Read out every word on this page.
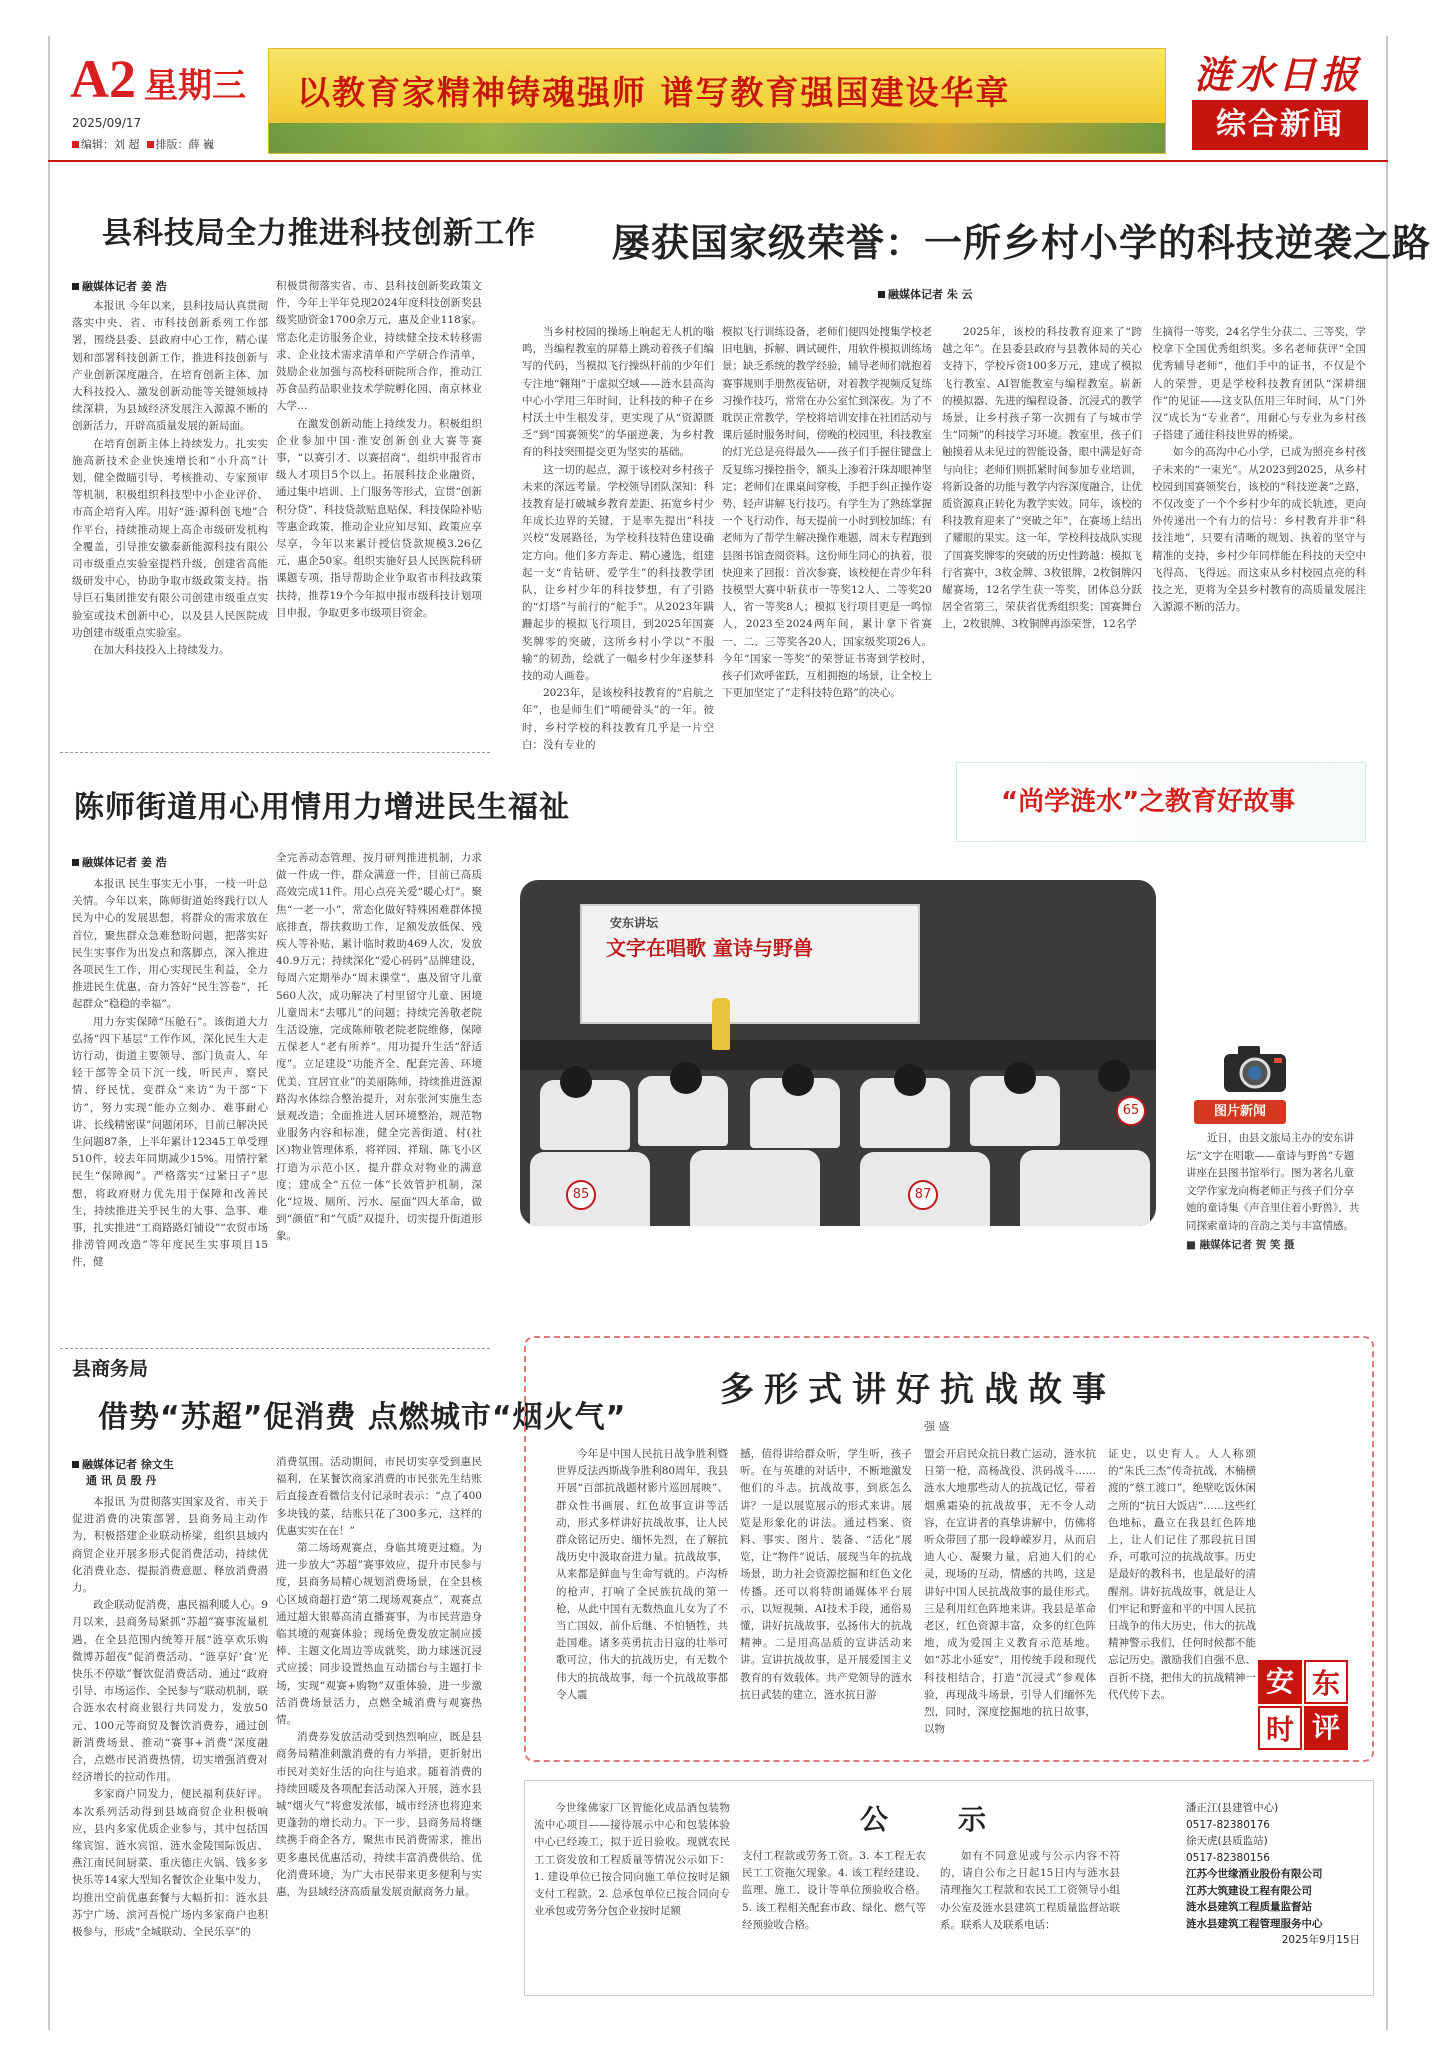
A2 星期三
2025/09/17
编辑：刘 超 排版：薛 巍
以教育家精神铸魂强师 谱写教育强国建设华章	涟水日报
综合新闻
县科技局全力推进科技创新工作
融媒体记者 姜 浩

本报讯 今年以来，县科技局认真贯彻落实中央、省、市科技创新系列工作部署，围绕县委、县政府中心工作，精心谋划和部署科技创新工作，推进科技创新与产业创新深度融合，在培育创新主体、加大科技投入、激发创新动能等关键领域持续深耕，为县域经济发展注入源源不断的创新活力，开辟高质量发展的新局面。

在培育创新主体上持续发力。扎实实施高新技术企业快速增长和“小升高”计划，健全微瞄引导、考核推动、专家预审等机制，积极组织科技型中小企业评价、市高企培育入库。用好“涟·源科创飞地”合作平台，持续推动规上高企市级研发机构全覆盖，引导推安徽泰新能源科技有限公司市级重点实验室提档升级，创建省高能级研发中心，协助争取市级政策支持。指导巨石集团推安有限公司创建市级重点实验室或技术创新中心，以及县人民医院成功创建市级重点实验室。

在加大科技投入上持续发力。

积极贯彻落实省、市、县科技创新奖政策文件，今年上半年兑现2024年度科技创新奖县级奖励资金1700余万元，惠及企业118家。常态化走访服务企业，持续健全技术转移需求、企业技术需求清单和产学研合作清单，鼓励企业加强与高校科研院所合作，推动江苏食品药品职业技术学院孵化园、南京林业大学…

在激发创新动能上持续发力。积极组织企业参加中国·淮安创新创业大赛等赛事，“以赛引才、以赛招商”，组织申报省市级人才项目5个以上。拓展科技企业融资，通过集中培训、上门服务等形式，宣贯“创新积分贷”、科技贷款贴息贴保、科技保险补贴等惠企政策，推动企业应知尽知、政策应享尽享，今年以来累计授信贷款规模3.26亿元，惠企50家。组织实施好县人民医院科研课题专项，指导帮助企业争取省市科技政策扶持，推荐19个今年拟申报市级科技计划项目申报，争取更多市级项目资金。

屡获国家级荣誉：一所乡村小学的科技逆袭之路
融媒体记者 朱 云

当乡村校园的操场上响起无人机的嗡鸣，当编程教室的屏幕上跳动着孩子们编写的代码，当模拟飞行操纵杆前的少年们专注地“翱翔”于虚拟空域——涟水县高沟中心小学用三年时间，让科技的种子在乡村沃土中生根发芽，更实现了从“资源匮乏”到“国赛领奖”的华丽逆袭，为乡村教育的科技突围提交更为坚实的基础。

这一切的起点，源于该校对乡村孩子未来的深远考量。学校领导团队深知：科技教育是打破城乡教育差距、拓宽乡村少年成长边界的关键，于是率先提出“科技兴校”发展路径，为学校科技特色建设确定方向。他们多方奔走、精心遴选，组建起一支“肯钻研、爱学生”的科技教学团队，让乡村少年的科技梦想，有了引路的“灯塔”与前行的“舵手”。从2023年蹒跚起步的模拟飞行项目，到2025年国赛奖牌零的突破，这所乡村小学以“不服输”的韧劲，绘就了一幅乡村少年逐梦科技的动人画卷。

2023年，是该校科技教育的“启航之年”，也是师生们“啃硬骨头”的一年。彼时，乡村学校的科技教育几乎是一片空白：没有专业的

模拟飞行训练设备，老师们便四处搜集学校老旧电脑，拆解、调试硬件，用软件模拟训练场景；缺乏系统的教学经验，辅导老师们就抱着赛事规则手册熬夜钻研，对着教学视频反复练习操作技巧，常常在办公室忙到深夜。为了不耽误正常教学，学校将培训安排在社团活动与课后延时服务时间，傍晚的校园里，科技教室的灯光总是亮得最久——孩子们手握住键盘上反复练习操控指令，额头上渗着汗珠却眼神坚定；老师们在课桌间穿梭，手把手纠正操作姿势，轻声讲解飞行技巧。有学生为了熟练掌握一个飞行动作，每天提前一小时到校加练；有老师为了帮学生解决操作难题，周末专程跑到县图书馆查阅资料。这份师生同心的执着，很快迎来了回报：首次参赛，该校便在青少年科技模型大赛中斩获市一等奖12人、二等奖20人，省一等奖8人；模拟飞行项目更是一鸣惊人，2023至2024两年间，累计拿下省赛一、二、三等奖各20人，国家级奖项26人。今年“国家一等奖”的荣誉证书寄到学校时，孩子们欢呼雀跃，互相拥抱的场景，让全校上下更加坚定了“走科技特色路”的决心。

2025年，该校的科技教育迎来了“跨越之年”。在县委县政府与县教体局的关心支持下，学校斥资100多万元，建成了模拟飞行教室、AI智能教室与编程教室。崭新的模拟器、先进的编程设备、沉浸式的教学场景，让乡村孩子第一次拥有了与城市学生“同频”的科技学习环境。教室里，孩子们触摸着从未见过的智能设备，眼中满是好奇与向往；老师们则抓紧时间参加专业培训，将新设备的功能与教学内容深度融合，让优质资源真正转化为教学实效。同年，该校的科技教育迎来了“突破之年”，在赛场上结出了耀眼的果实。这一年，学校科技战队实现了国赛奖牌零的突破的历史性跨越：模拟飞行省赛中，3枚金牌、3枚银牌，2枚铜牌闪耀赛场，12名学生获一等奖，团体总分跃居全省第三，荣获省优秀组织奖；国赛舞台上，2枚银牌、3枚铜牌再添荣誉，12名学

生摘得一等奖，24名学生分获二、三等奖，学校拿下全国优秀组织奖。多名老师获评“全国优秀辅导老师”，他们手中的证书，不仅是个人的荣誉，更是学校科技教育团队“深耕细作”的见证——这支队伍用三年时间，从“门外汉”成长为“专业者”，用耐心与专业为乡村孩子搭建了通往科技世界的桥梁。

如今的高沟中心小学，已成为照亮乡村孩子未来的“一束光”。从2023到2025，从乡村校园到国赛领奖台，该校的“科技逆袭”之路，不仅改变了一个个乡村少年的成长轨迹，更向外传递出一个有力的信号：乡村教育并非“科技洼地”，只要有清晰的规划、执着的坚守与精准的支持，乡村少年同样能在科技的天空中飞得高、飞得远。而这束从乡村校园点亮的科技之光，更将为全县乡村教育的高质量发展注入源源不断的活力。

“尚学涟水”之教育好故事
陈师街道用心用情用力增进民生福祉
融媒体记者 姜 浩

本报讯 民生事实无小事，一枝一叶总关情。今年以来，陈师街道始终践行以人民为中心的发展思想，将群众的需求放在首位，聚焦群众急难愁盼问题，把落实好民生实事作为出发点和落脚点，深入推进各项民生工作，用心实现民生利益，全力推进民生优惠，奋力答好“民生答卷”，托起群众“稳稳的幸福”。

用力夯实保障“压舱石”。该街道大力弘扬“四下基层”工作作风，深化民生大走访行动，街道主要领导、部门负责人、年轻干部等全员下沉一线，听民声、察民情、纾民忧，变群众“来访”为干部“下访”，努力实现“能办立刻办、难事耐心讲、长线精密谋”问题闭环，目前已解决民生问题87条，上半年累计12345工单受理510件，较去年同期减少15%。用情拧紧民生“保障阀”。严格落实“过紧日子”思想，将政府财力优先用于保障和改善民生，持续推进关乎民生的大事、急事、难事，扎实推进“工商路路灯铺设”“农贸市场排涝管网改造”等年度民生实事项目15件，健

全完善动态管理、按月研判推进机制，力求做一件成一件，群众满意一件，目前已高质高效完成11件。用心点亮关爱“暖心灯”。聚焦“一老一小”，常态化做好特殊困难群体摸底排查，帮扶救助工作，足额发放低保、残疾人等补贴，累计临时救助469人次，发放40.9万元；持续深化“爱心码码”品牌建设，每周六定期举办“周末课堂”，惠及留守儿童560人次，成功解决了村里留守儿童、困境儿童周末“去哪儿”的问题；持续完善敬老院生活设施，完成陈师敬老院老院维修，保障五保老人“老有所养”。用功提升生活“舒适度”。立足建设“功能齐全、配套完善、环境优美、宜居宜业”的美丽陈师，持续推进涟源路沟水体综合整治提升，对东张河实施生态景观改造；全面推进人居环境整治，规范物业服务内容和标准，健全完善街道、村(社区)物业管理体系，将祥园、祥瑞、陈飞小区打造为示范小区，提升群众对物业的满意度；建成全“五位一体”长效管护机制，深化“垃圾、厕所、污水、屋面”四大革命，做到“颜值”和“气质”双提升，切实提升街道形象。

安东讲坛
文字在唱歌 童诗与野兽
85	87
65	图片新闻
近日，由县文旅局主办的安东讲坛“文字在唱歌——童诗与野兽”专题讲座在县图书馆举行。图为著名儿童文学作家龙向梅老师正与孩子们分享她的童诗集《声音里住着小野兽》，共同探索童诗的音韵之美与丰富情感。
■ 融媒体记者 贺 笑 摄
县商务局
借势“苏超”促消费 点燃城市“烟火气”
融媒体记者 徐文生
通 讯 员 殷 丹

本报讯 为贯彻落实国家及省、市关于促进消费的决策部署，县商务局主动作为，积极搭建企业联动桥梁，组织县域内商贸企业开展多形式促消费活动，持续优化消费业态、提振消费意愿、释放消费潜力。

政企联动促消费，惠民福利暖人心。9月以来，县商务局紧抓“苏超”赛事流量机遇，在全县范围内统筹开展“涟享欢乐购 微博苏超夜”促消费活动、“涟享好‘食’光 快乐不停歇”餐饮促消费活动、通过“政府引导、市场运作、全民参与”联动机制，联合涟水农村商业银行共同发力，发放50元、100元等商贸及餐饮消费券，通过创新消费场景、推动“赛事+消费”深度融合，点燃市民消费热情，切实增强消费对经济增长的拉动作用。

多家商户同发力，便民福利获好评。本次系列活动得到县域商贸企业积极响应，县内多家优质企业参与，其中包括国缘宾馆、涟水宾馆、涟水金陵国际饭店、燕江南民间厨菜、重庆德庄火锅、钱多多快乐等14家大型知名餐饮企业集中发力，均推出空前优惠套餐与大幅折扣：涟水县苏宁广场、滨河吾悦广场内多家商户也积极参与，形成“全城联动、全民乐享”的

消费氛围。活动期间，市民切实享受到惠民福利，在某餐饮商家消费的市民张先生结账后直接查看微信支付记录时表示：“点了400多块钱的菜，结账只花了300多元，这样的优惠实实在在！”

第二场场观赛点，身临其境更过瘾。为进一步放大“苏超”赛事效应，提升市民参与度，县商务局精心规划消费场景，在全县核心区域商超打造“第二现场观赛点”，观赛点通过超大银幕高清直播赛事，为市民营造身临其境的观赛体验；现场免费发放定制应援棒、主题文化周边等成就奖，助力球迷沉浸式应援；同步设置热血互动擂台与主题打卡场，实现“观赛+购物”双重体验，进一步激活消费场景活力，点燃全城消费与观赛热情。

消费券发放活动受到热烈响应，既是县商务局精准刺激消费的有力举措，更折射出市民对美好生活的向往与追求。随着消费的持续回暖及各项配套活动深入开展，涟水县城“烟火气”将愈发浓郁，城市经济也将迎来更蓬勃的增长动力。下一步，县商务局将继续携手商企各方，聚焦市民消费需求，推出更多惠民优惠活动，持续丰富消费供给、优化消费环境，为广大市民带来更多便利与实惠，为县域经济高质量发展贡献商务力量。

多形式讲好抗战故事
强 盛

今年是中国人民抗日战争胜利暨世界反法西斯战争胜利80周年，我县开展“百部抗战题材影片巡回展映”、群众性书画展、红色故事宣讲等活动，形式多样讲好抗战故事，让人民群众铭记历史、缅怀先烈，在了解抗战历史中汲取奋进力量。抗战故事，从来都是鲜血与生命写就的。卢沟桥的枪声，打响了全民族抗战的第一枪，从此中国有无数热血儿女为了不当亡国奴，前仆后继、不怕牺牲，共赴国难。诸多英勇抗击日寇的壮举可歌可泣，伟大的抗战历史，有无数个伟大的抗战故事，每一个抗战故事都令人震

撼，值得讲给群众听，学生听，孩子听。在与英雄的对话中，不断地激发他们的斗志。抗战故事，到底怎么讲？一是以展览展示的形式来讲。展览是形象化的讲法。通过档案、资料、事实、图片、装备、“活化”展览，让“物件”说话，展现当年的抗战场景，助力社会资源挖掘和红色文化传播。还可以将特朗诵媒体平台展示，以短视频、AI技术手段，通俗易懂，讲好抗战故事，弘扬伟大的抗战精神。二是用高品质的宣讲活动来讲。宣讲抗战故事，是开展爱国主义教育的有效载体。共产党领导的涟水抗日武装的建立，涟水抗日游

盟会开启民众抗日救亡运动，涟水抗日第一枪，高杨战役、洪码战斗……涟水大地那些动人的抗战记忆，带着烟熏霜染的抗战故事，无不令人动容，在宣讲者的真挚讲解中，仿佛将听众带回了那一段峥嵘岁月，从而启迪人心、凝聚力量，启迪人们的心灵，现场的互动，情感的共鸣，这是讲好中国人民抗战故事的最佳形式。三是利用红色阵地来讲。我县是革命老区，红色资源丰富，众多的红色阵地，成为爱国主义教育示范基地。如“苏北小延安”，用传统手段和现代科技相结合，打造“沉浸式”参观体验，再现战斗场景，引导人们缅怀先烈，同时，深度挖掘地的抗日故事，以物

证史，以史育人。人人称颂的“朱氏三杰”传奇抗战，木楠横渡的“蔡工渡口”，绝壁吃饭休闲之所的“抗日大饭店”……这些红色地标，矗立在我县红色阵地上，让人们记住了那段抗日国乔，可歌可泣的抗战故事。历史是最好的教科书，也是最好的清醒剂。讲好抗战故事，就是让人们牢记和野蛮和平的中国人民抗日战争的伟大历史，伟大的抗战精神警示我们，任何时候都不能忘记历史。激励我们自强不息、百折不挠，把伟大的抗战精神一代代传下去。	安 东
时 评
公示

今世缘佛家厂区智能化成品酒包装物流中心项目——接待展示中心和包装体验中心已经竣工，拟于近日验收。现就农民工工资发放和工程质量等情况公示如下：1. 建设单位已按合同向施工单位按时足额支付工程款。2. 总承包单位已按合同向专业承包或劳务分包企业按时足额

支付工程款或劳务工资。3. 本工程无农民工工资拖欠现象。4. 该工程经建设、监理、施工、设计等单位预验收合格。5. 该工程相关配套市政、绿化、燃气等经预验收合格。

如有不同意见或与公示内容不符的，请自公布之日起15日内与涟水县清理拖欠工程款和农民工工资领导小组办公室及涟水县建筑工程质量监督站联系。联系人及联系电话：

潘正江(县建管中心)
0517-82380176
徐天虎(县质监站)
0517-82380156
江苏今世缘酒业股份有限公司
江苏大筑建设工程有限公司
涟水县建筑工程质量监督站
涟水县建筑工程管理服务中心
2025年9月15日
